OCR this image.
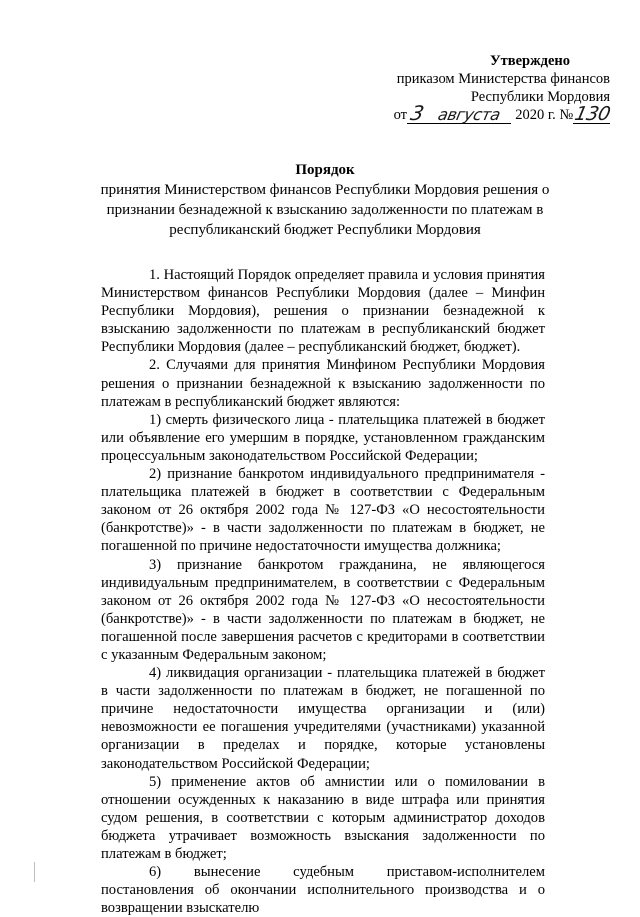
Утверждено
приказом Министерства финансов
Республики Мордовия
от 3 августа 2020 г. № 130
Порядок
принятия Министерством финансов Республики Мордовия решения о признании безнадежной к взысканию задолженности по платежам в республиканский бюджет Республики Мордовия

1. Настоящий Порядок определяет правила и условия принятия Министерством финансов Республики Мордовия (далее – Минфин Республики Мордовия), решения о признании безнадежной к взысканию задолженности по платежам в республиканский бюджет Республики Мордовия (далее – республиканский бюджет, бюджет).

2. Случаями для принятия Минфином Республики Мордовия решения о признании безнадежной к взысканию задолженности по платежам в республиканский бюджет являются:

1) смерть физического лица - плательщика платежей в бюджет или объявление его умершим в порядке, установленном гражданским процессуальным законодательством Российской Федерации;

2) признание банкротом индивидуального предпринимателя - плательщика платежей в бюджет в соответствии с Федеральным законом от 26 октября 2002 года № 127-ФЗ «О несостоятельности (банкротстве)» - в части задолженности по платежам в бюджет, не погашенной по причине недостаточности имущества должника;

3) признание банкротом гражданина, не являющегося индивидуальным предпринимателем, в соответствии с Федеральным законом от 26 октября 2002 года № 127-ФЗ «О несостоятельности (банкротстве)» - в части задолженности по платежам в бюджет, не погашенной после завершения расчетов с кредиторами в соответствии с указанным Федеральным законом;

4) ликвидация организации - плательщика платежей в бюджет в части задолженности по платежам в бюджет, не погашенной по причине недостаточности имущества организации и (или) невозможности ее погашения учредителями (участниками) указанной организации в пределах и порядке, которые установлены законодательством Российской Федерации;

5) применение актов об амнистии или о помиловании в отношении осужденных к наказанию в виде штрафа или принятия судом решения, в соответствии с которым администратор доходов бюджета утрачивает возможность взыскания задолженности по платежам в бюджет;

6) вынесение судебным приставом-исполнителем постановления об окончании исполнительного производства и о возвращении взыскателю
